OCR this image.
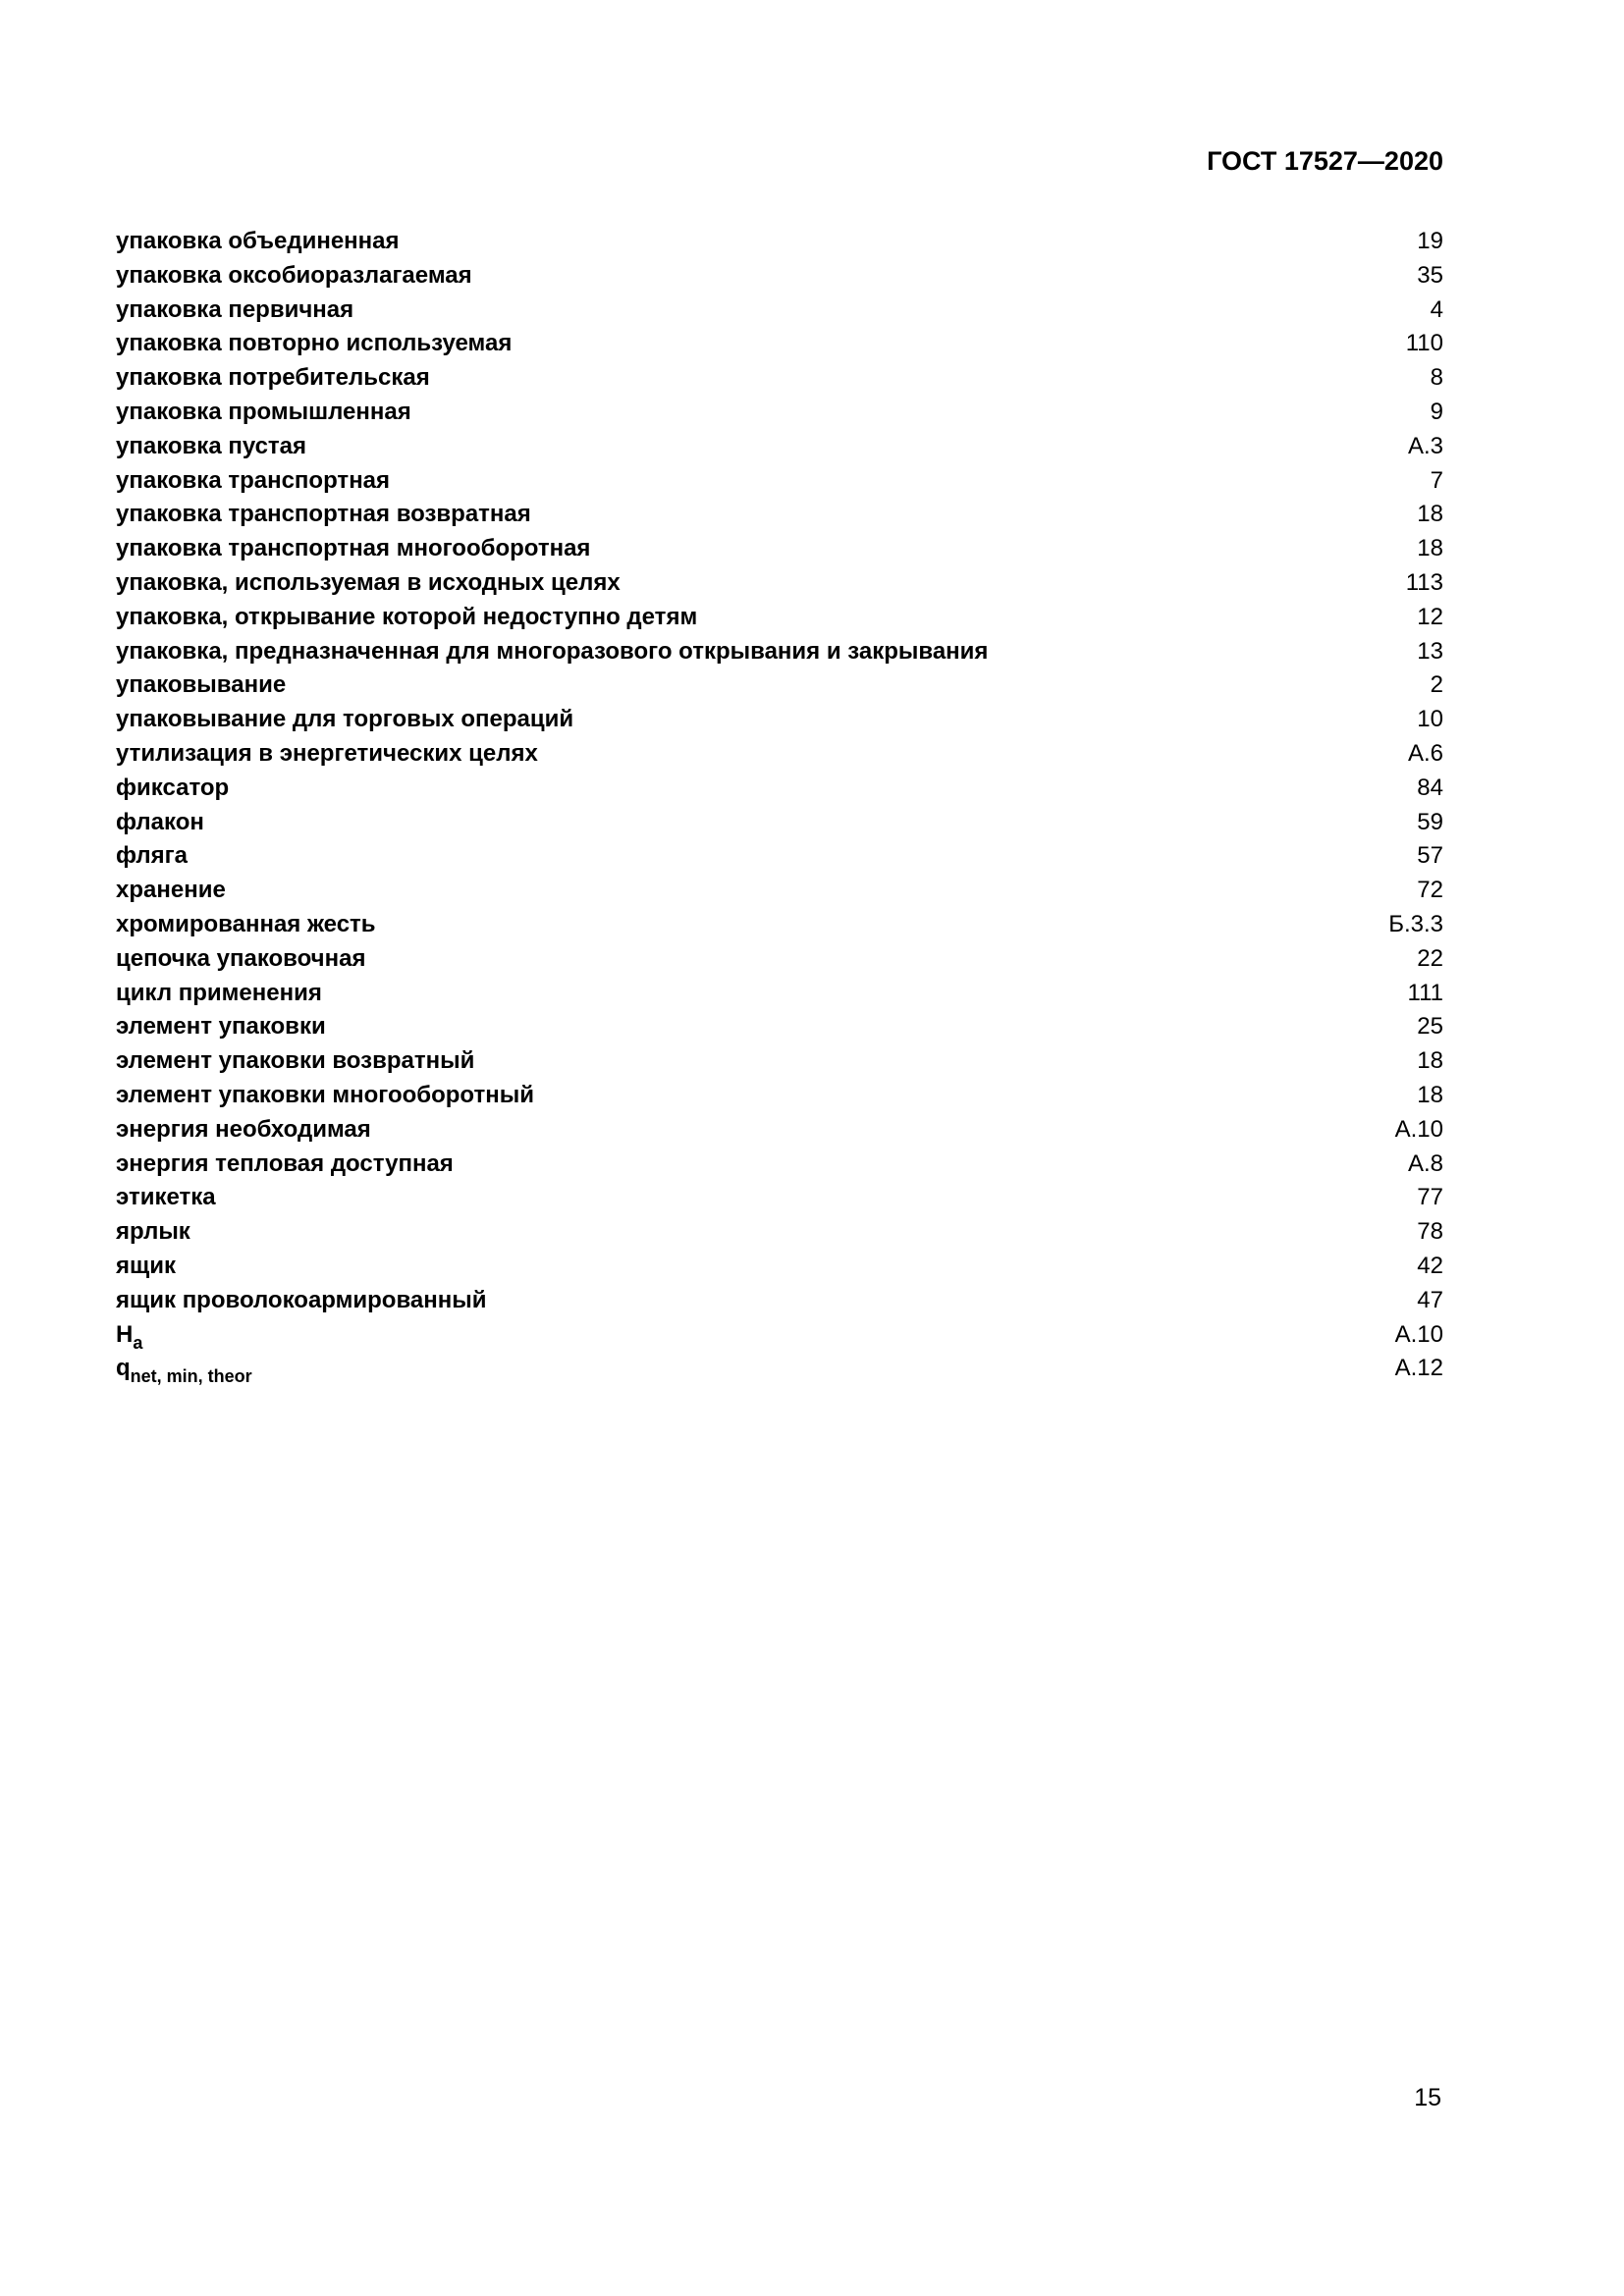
ГОСТ 17527—2020
упаковка объединенная	19
упаковка оксобиоразлагаемая	35
упаковка первичная	4
упаковка повторно используемая	110
упаковка потребительская	8
упаковка промышленная	9
упаковка пустая	А.3
упаковка транспортная	7
упаковка транспортная возвратная	18
упаковка транспортная многооборотная	18
упаковка, используемая в исходных целях	113
упаковка, открывание которой недоступно детям	12
упаковка, предназначенная для многоразового открывания и закрывания	13
упаковывание	2
упаковывание для торговых операций	10
утилизация в энергетических целях	А.6
фиксатор	84
флакон	59
фляга	57
хранение	72
хромированная жесть	Б.3.3
цепочка упаковочная	22
цикл применения	111
элемент упаковки	25
элемент упаковки возвратный	18
элемент упаковки многооборотный	18
энергия необходимая	А.10
энергия тепловая доступная	А.8
этикетка	77
ярлык	78
ящик	42
ящик проволокоармированный	47
$H_a$	А.10
$q_{net, min, theor}$	А.12
15
